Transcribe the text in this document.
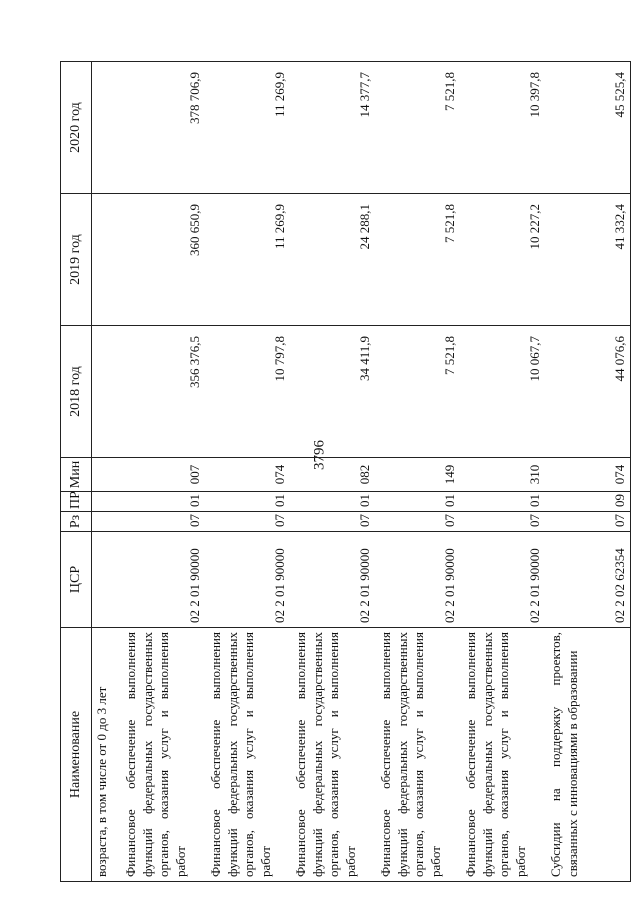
3796
Наименование	ЦСР	Рз	ПР	Мин	2018 год	2019 год	2020 год
возраста, в том числе от 0 до 3 лет							
Финансовое обеспечение выполнения функций федеральных государственных органов, оказания услуг и выполнения работ	02 2 01 90000	07	01	007	356 376,5	360 650,9	378 706,9
Финансовое обеспечение выполнения функций федеральных государственных органов, оказания услуг и выполнения работ	02 2 01 90000	07	01	074	10 797,8	11 269,9	11 269,9
Финансовое обеспечение выполнения функций федеральных государственных органов, оказания услуг и выполнения работ	02 2 01 90000	07	01	082	34 411,9	24 288,1	14 377,7
Финансовое обеспечение выполнения функций федеральных государственных органов, оказания услуг и выполнения работ	02 2 01 90000	07	01	149	7 521,8	7 521,8	7 521,8
Финансовое обеспечение выполнения функций федеральных государственных органов, оказания услуг и выполнения работ	02 2 01 90000	07	01	310	10 067,7	10 227,2	10 397,8
Субсидии на поддержку проектов, связанных с инновациями в образовании	02 2 02 62354	07	09	074	44 076,6	41 332,4	45 525,4
